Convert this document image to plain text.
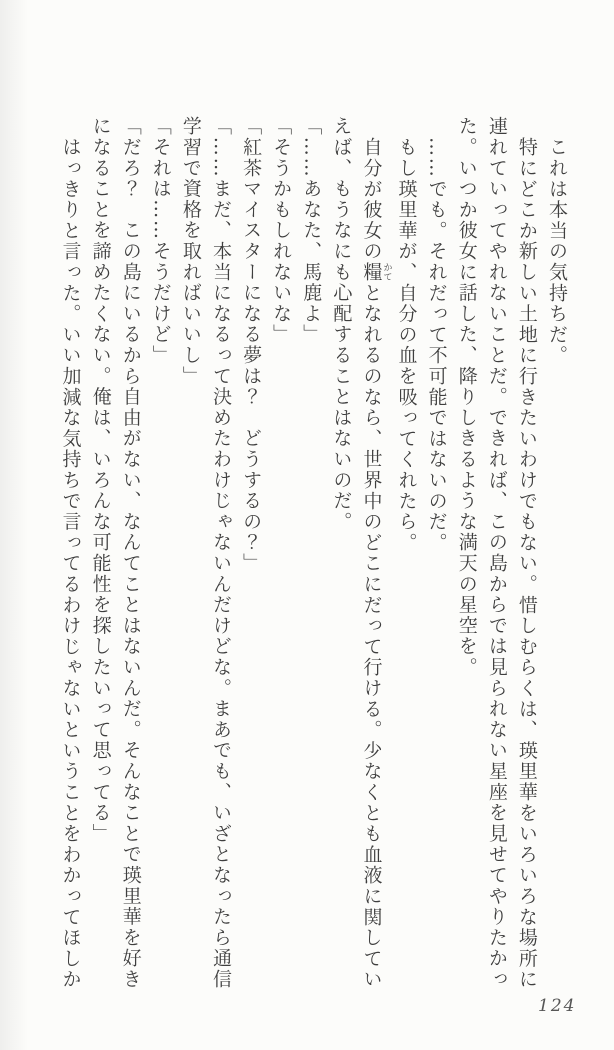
これは本当の気持ちだ。

特にどこか新しい土地に行きたいわけでもない。惜しむらくは、瑛里華をいろいろな場所に

連れていってやれないことだ。できれば、この島からでは見られない星座を見せてやりたかっ

た。いつか彼女に話した、降りしきるような満天の星空を。

……でも。それだって不可能ではないのだ。

もし瑛里華が、自分の血を吸ってくれたら。

自分が彼女の糧 かてとなれるのなら、世界中のどこにだって行ける。少なくとも血液に関してい

えば、もうなにも心配することはないのだ。

「……あなた、馬鹿よ」

「そうかもしれないな」

「紅茶マイスターになる夢は？　どうするの？」

「……まだ、本当になるって決めたわけじゃないんだけどな。まあでも、いざとなったら通信

学習で資格を取ればいいし」

「それは……そうだけど」

「だろ？　この島にいるから自由がない、なんてことはないんだ。そんなことで瑛里華を好き

になることを諦めたくない。俺は、いろんな可能性を探したいって思ってる」

はっきりと言った。いい加減な気持ちで言ってるわけじゃないということをわかってほしか

124
